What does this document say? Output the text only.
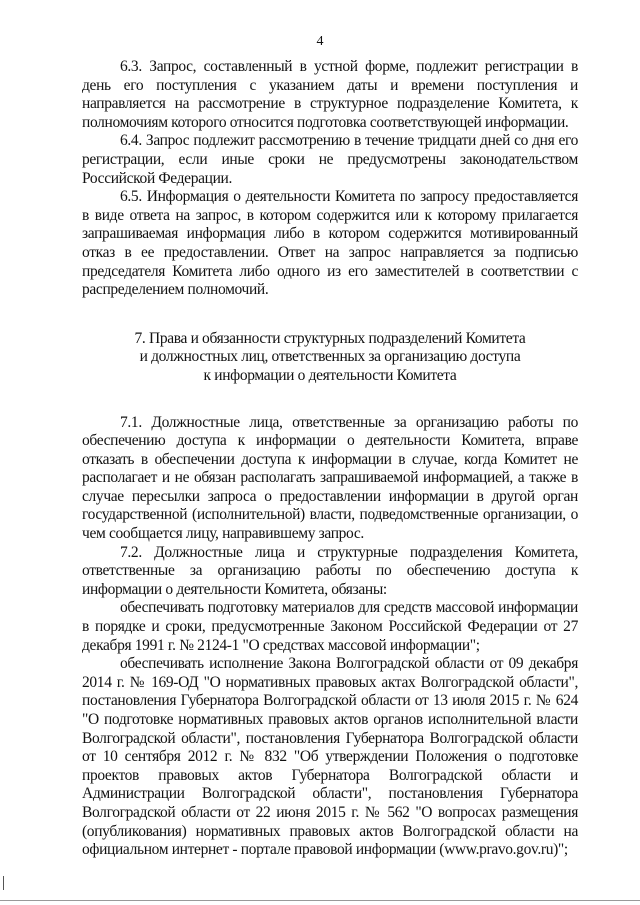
4

6.3. Запрос, составленный в устной форме, подлежит регистрации в день его поступления с указанием даты и времени поступления и направляется на рассмотрение в структурное подразделение Комитета, к полномочиям которого относится подготовка соответствующей информации.

6.4. Запрос подлежит рассмотрению в течение тридцати дней со дня его регистрации, если иные сроки не предусмотрены законодательством Российской Федерации.

6.5. Информация о деятельности Комитета по запросу предоставляется в виде ответа на запрос, в котором содержится или к которому прилагается запрашиваемая информация либо в котором содержится мотивированный отказ в ее предоставлении. Ответ на запрос направляется за подписью председателя Комитета либо одного из его заместителей в соответствии с распределением полномочий.

7. Права и обязанности структурных подразделений Комитета
и должностных лиц, ответственных за организацию доступа
к информации о деятельности Комитета

7.1. Должностные лица, ответственные за организацию работы по обеспечению доступа к информации о деятельности Комитета, вправе отказать в обеспечении доступа к информации в случае, когда Комитет не располагает и не обязан располагать запрашиваемой информацией, а также в случае пересылки запроса о предоставлении информации в другой орган государственной (исполнительной) власти, подведомственные организации, о чем сообщается лицу, направившему запрос.

7.2. Должностные лица и структурные подразделения Комитета, ответственные за организацию работы по обеспечению доступа к информации о деятельности Комитета, обязаны:

обеспечивать подготовку материалов для средств массовой информации в порядке и сроки, предусмотренные Законом Российской Федерации от 27 декабря 1991 г. № 2124-1 "О средствах массовой информации";

обеспечивать исполнение Закона Волгоградской области от 09 декабря 2014 г. № 169-ОД "О нормативных правовых актах Волгоградской области", постановления Губернатора Волгоградской области от 13 июля 2015 г. № 624 "О подготовке нормативных правовых актов органов исполнительной власти Волгоградской области", постановления Губернатора Волгоградской области от 10 сентября 2012 г. № 832 "Об утверждении Положения о подготовке проектов правовых актов Губернатора Волгоградской области и Администрации Волгоградской области", постановления Губернатора Волгоградской области от 22 июня 2015 г. № 562 "О вопросах размещения (опубликования) нормативных правовых актов Волгоградской области на официальном интернет - портале правовой информации (www.pravo.gov.ru)";
